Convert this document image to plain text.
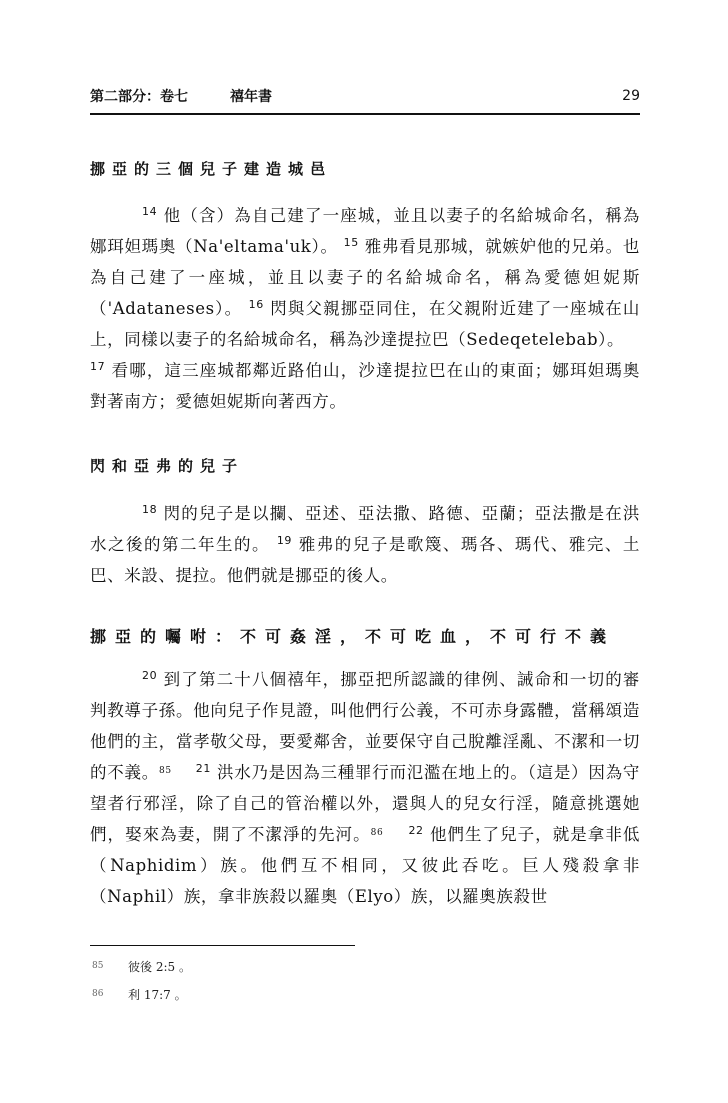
第二部分：卷七	禧年書	29
挪亞的三個兒子建造城邑

$^{14}$ 他（含）為自己建了一座城，並且以妻子的名給城命名，稱為娜珥妲瑪奧（Na'eltama'uk）。 $^{15}$ 雅弗看見那城，就嫉妒他的兄弟。也為自己建了一座城，並且以妻子的名給城命名，稱為愛德妲妮斯（'Adataneses）。 $^{16}$ 閃與父親挪亞同住，在父親附近建了一座城在山上，同樣以妻子的名給城命名，稱為沙達提拉巴（Sedeqetelebab）。
$^{17}$ 看哪，這三座城都鄰近路伯山，沙達提拉巴在山的東面；娜珥妲瑪奧對著南方；愛德妲妮斯向著西方。

閃和亞弗的兒子

$^{18}$ 閃的兒子是以攔、亞述、亞法撒、路德、亞蘭；亞法撒是在洪水之後的第二年生的。 $^{19}$ 雅弗的兒子是歌篾、瑪各、瑪代、雅完、土巴、米設、提拉。他們就是挪亞的後人。

挪亞的囑咐：不可姦淫，不可吃血，不可行不義

$^{20}$ 到了第二十八個禧年，挪亞把所認識的律例、誡命和一切的審判教導子孫。他向兒子作見證，叫他們行公義，不可赤身露體，當稱頌造他們的主，當孝敬父母，要愛鄰舍，並要保守自己脫離淫亂、不潔和一切的不義。$^{85}$ $^{21}$ 洪水乃是因為三種罪行而氾濫在地上的。（這是）因為守望者行邪淫，除了自己的管治權以外，還與人的兒女行淫，隨意挑選她們，娶來為妻，開了不潔淨的先河。$^{86}$ $^{22}$ 他們生了兒子，就是拿非低（Naphidim）族。他們互不相同，又彼此吞吃。巨人殘殺拿非（Naphil）族，拿非族殺以羅奧（Elyo）族，以羅奧族殺世

85 彼後 2:5 。
86 利 17:7 。
